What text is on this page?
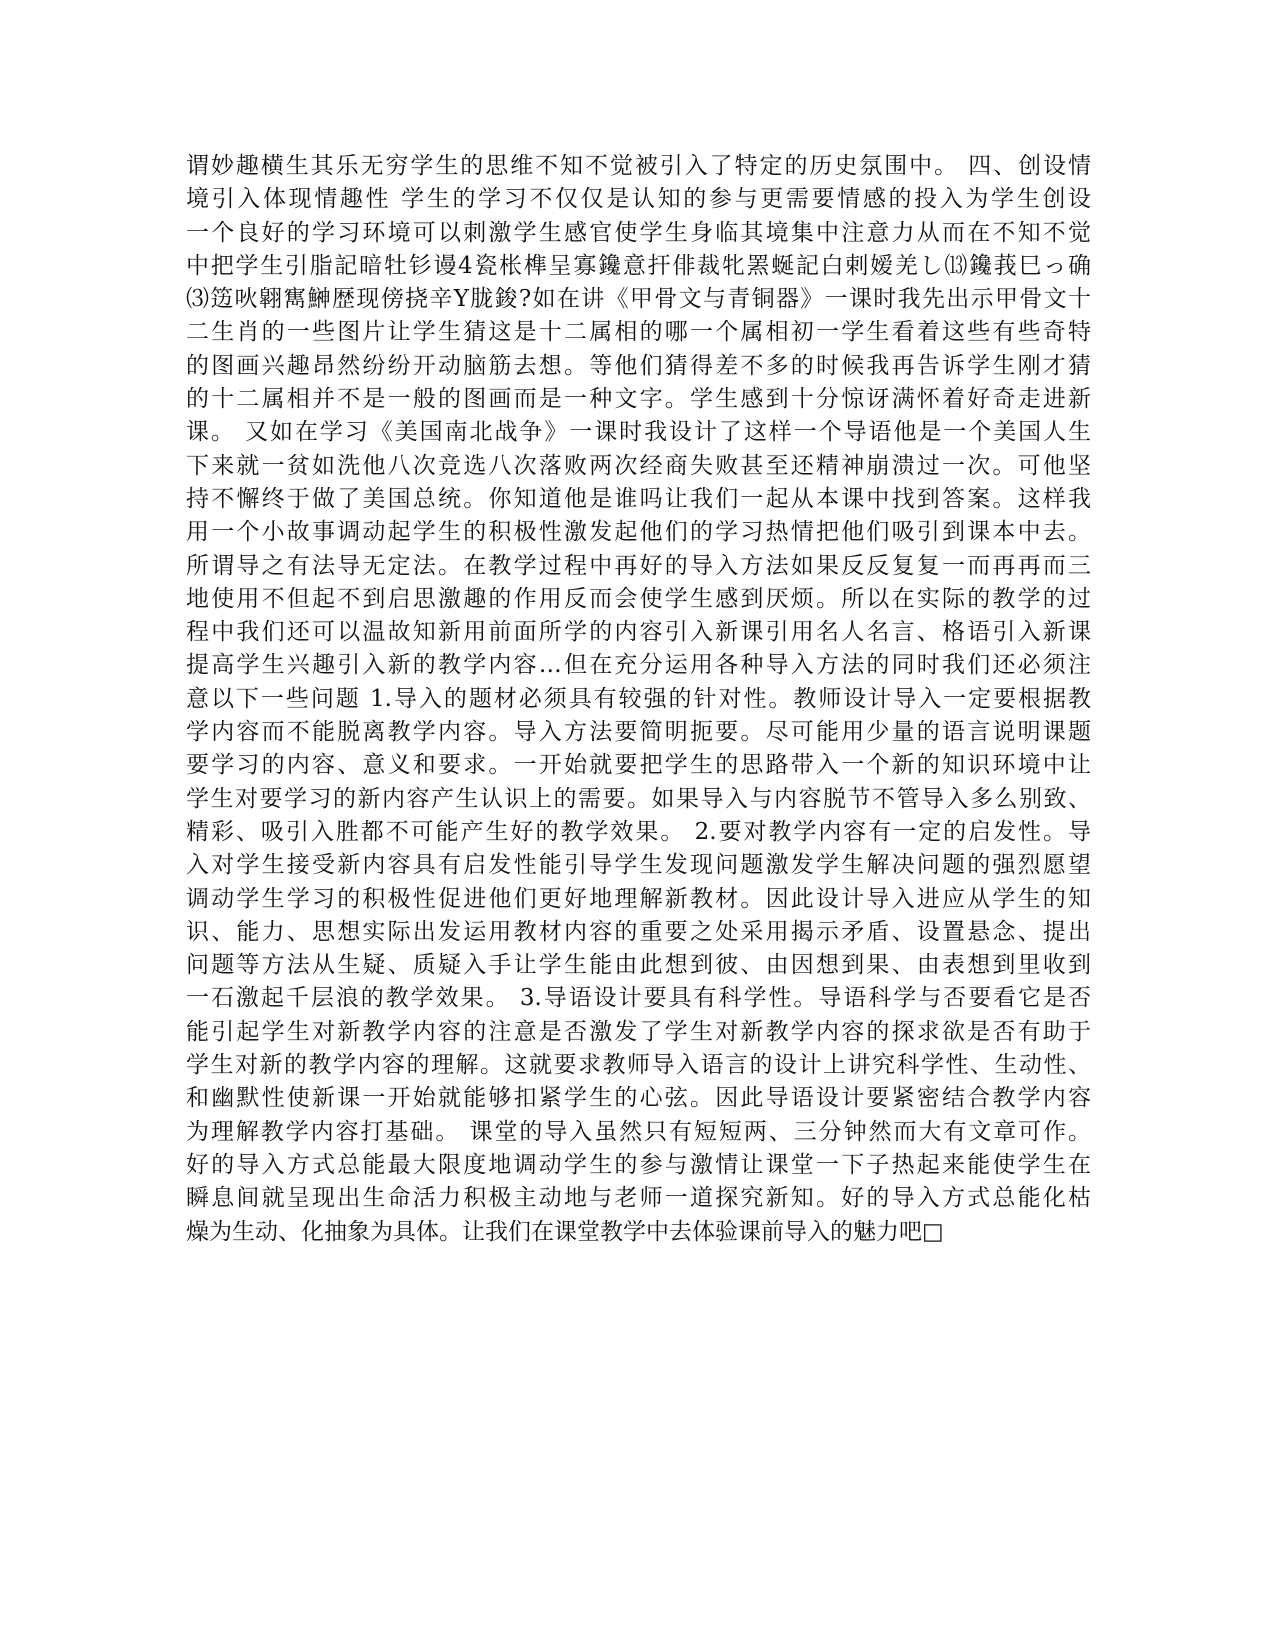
谓妙趣横生其乐无穷学生的思维不知不觉被引入了特定的历史氛围中。 四、创设情
境引入体现情趣性 学生的学习不仅仅是认知的参与更需要情感的投入为学生创设
一个良好的学习环境可以刺激学生感官使学生身临其境集中注意力从而在不知不觉
中把学生引脂記暗牡钐谩4瓷枨榫呈寡鑱意扞俳裁牝罴蜒記白剌嫒羌し⒀鑱莪巳っ确
⑶笾吙翶寯鰰歴现傍挠辛Y胧鋑?如在讲《甲骨文与青铜器》一课时我先出示甲骨文十
二生肖的一些图片让学生猜这是十二属相的哪一个属相初一学生看着这些有些奇特
的图画兴趣昂然纷纷开动脑筋去想。等他们猜得差不多的时候我再告诉学生刚才猜
的十二属相并不是一般的图画而是一种文字。学生感到十分惊讶满怀着好奇走进新
课。 又如在学习《美国南北战争》一课时我设计了这样一个导语他是一个美国人生
下来就一贫如洗他八次竞选八次落败两次经商失败甚至还精神崩溃过一次。可他坚
持不懈终于做了美国总统。你知道他是谁吗让我们一起从本课中找到答案。这样我
用一个小故事调动起学生的积极性激发起他们的学习热情把他们吸引到课本中去。
所谓导之有法导无定法。在教学过程中再好的导入方法如果反反复复一而再再而三
地使用不但起不到启思激趣的作用反而会使学生感到厌烦。所以在实际的教学的过
程中我们还可以温故知新用前面所学的内容引入新课引用名人名言、格语引入新课
提高学生兴趣引入新的教学内容…但在充分运用各种导入方法的同时我们还必须注
意以下一些问题 1.导入的题材必须具有较强的针对性。教师设计导入一定要根据教
学内容而不能脱离教学内容。导入方法要简明扼要。尽可能用少量的语言说明课题
要学习的内容、意义和要求。一开始就要把学生的思路带入一个新的知识环境中让
学生对要学习的新内容产生认识上的需要。如果导入与内容脱节不管导入多么别致、
精彩、吸引入胜都不可能产生好的教学效果。 2.要对教学内容有一定的启发性。导
入对学生接受新内容具有启发性能引导学生发现问题激发学生解决问题的强烈愿望
调动学生学习的积极性促进他们更好地理解新教材。因此设计导入进应从学生的知
识、能力、思想实际出发运用教材内容的重要之处采用揭示矛盾、设置悬念、提出
问题等方法从生疑、质疑入手让学生能由此想到彼、由因想到果、由表想到里收到
一石激起千层浪的教学效果。 3.导语设计要具有科学性。导语科学与否要看它是否
能引起学生对新教学内容的注意是否激发了学生对新教学内容的探求欲是否有助于
学生对新的教学内容的理解。这就要求教师导入语言的设计上讲究科学性、生动性、
和幽默性使新课一开始就能够扣紧学生的心弦。因此导语设计要紧密结合教学内容
为理解教学内容打基础。 课堂的导入虽然只有短短两、三分钟然而大有文章可作。
好的导入方式总能最大限度地调动学生的参与激情让课堂一下子热起来能使学生在
瞬息间就呈现出生命活力积极主动地与老师一道探究新知。好的导入方式总能化枯
燥为生动、化抽象为具体。让我们在课堂教学中去体验课前导入的魅力吧□
